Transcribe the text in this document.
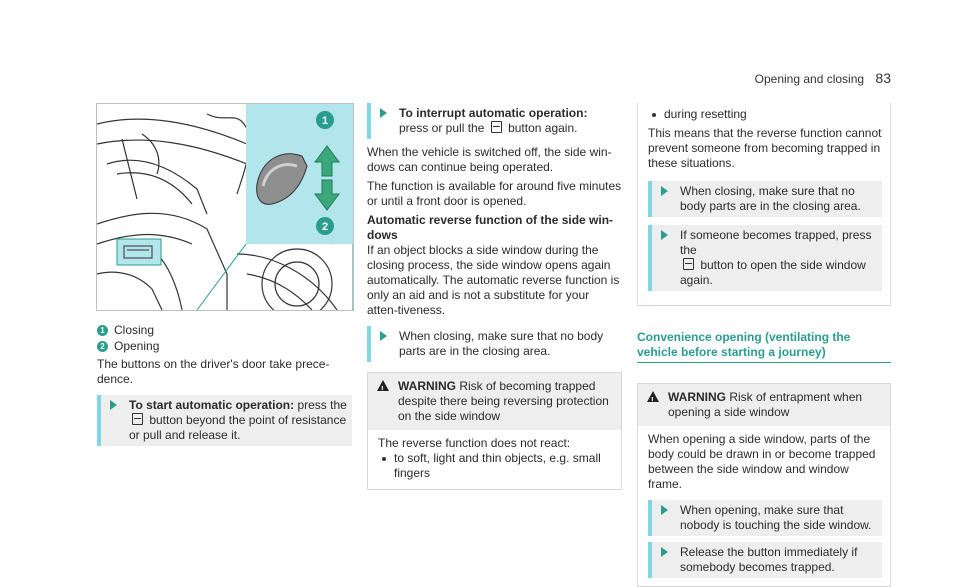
Opening and closing 83
1
2
1 Closing
2 Opening

The buttons on the driver's door take prece-dence.

To start automatic operation: press the
button beyond the point of resistance or pull and release it.
To interrupt automatic operation: press or pull the  button again.

When the vehicle is switched off, the side win-dows can continue being operated.

The function is available for around five minutes or until a front door is opened.

Automatic reverse function of the side win-dows

If an object blocks a side window during the closing process, the side window opens again automatically. The automatic reverse function is only an aid and is not a substitute for your atten-tiveness.

When closing, make sure that no body parts are in the closing area.
!
WARNING Risk of becoming trapped despite there being reversing protection on the side window

The reverse function does not react:

to soft, light and thin objects, e.g. small fingers
during resetting

This means that the reverse function cannot prevent someone from becoming trapped in these situations.

When closing, make sure that no body parts are in the closing area.
If someone becomes trapped, press the
button to open the side window again.
Convenience opening (ventilating the vehicle before starting a journey)
!
WARNING Risk of entrapment when opening a side window

When opening a side window, parts of the body could be drawn in or become trapped between the side window and window frame.

When opening, make sure that nobody is touching the side window.
Release the button immediately if somebody becomes trapped.
